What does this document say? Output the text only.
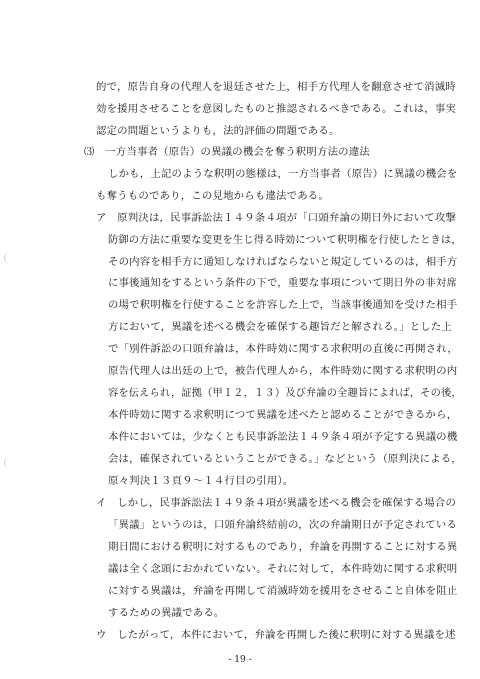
的で，原告自身の代理人を退廷させた上，相手方代理人を翻意させて消滅時
効を援用させることを意図したものと推認されるべきである。これは，事実
認定の問題というよりも，法的評価の問題である。
⑶　一方当事者（原告）の異議の機会を奪う釈明方法の違法
しかも，上記のような釈明の態様は，一方当事者（原告）に異議の機会を
も奪うものであり，この見地からも違法である。
ア　原判決は，民事訴訟法１４９条４項が「口頭弁論の期日外において攻撃
防御の方法に重要な変更を生じ得る時効について釈明権を行使したときは，
その内容を相手方に通知しなければならないと規定しているのは，相手方
に事後通知をするという条件の下で，重要な事項について期日外の非対席
の場で釈明権を行使することを許容した上で，当該事後通知を受けた相手
方において，異議を述べる機会を確保する趣旨だと解される。」とした上
で「別件訴訟の口頭弁論は，本件時効に関する求釈明の直後に再開され，
原告代理人は出廷の上で，被告代理人から，本件時効に関する求釈明の内
容を伝えられ，証拠（甲１２，１３）及び弁論の全趣旨によれば，その後，
本件時効に関する求釈明につて異議を述べたと認めることができるから，
本件においては，少なくとも民事訴訟法１４９条４項が予定する異議の機
会は，確保されているということができる。」などという（原判決による，
原々判決１３頁９～１４行目の引用）。
イ　しかし，民事訴訟法１４９条４項が異議を述べる機会を確保する場合の
「異議」というのは，口頭弁論終結前の，次の弁論期日が予定されている
期日間における釈明に対するものであり，弁論を再開することに対する異
議は全く念頭におかれていない。それに対して，本件時効に関する求釈明
に対する異議は，弁論を再開して消滅時効を援用をさせること自体を阻止
するための異議である。
ウ　したがって，本件において，弁論を再開した後に釈明に対する異議を述
- 19 -
